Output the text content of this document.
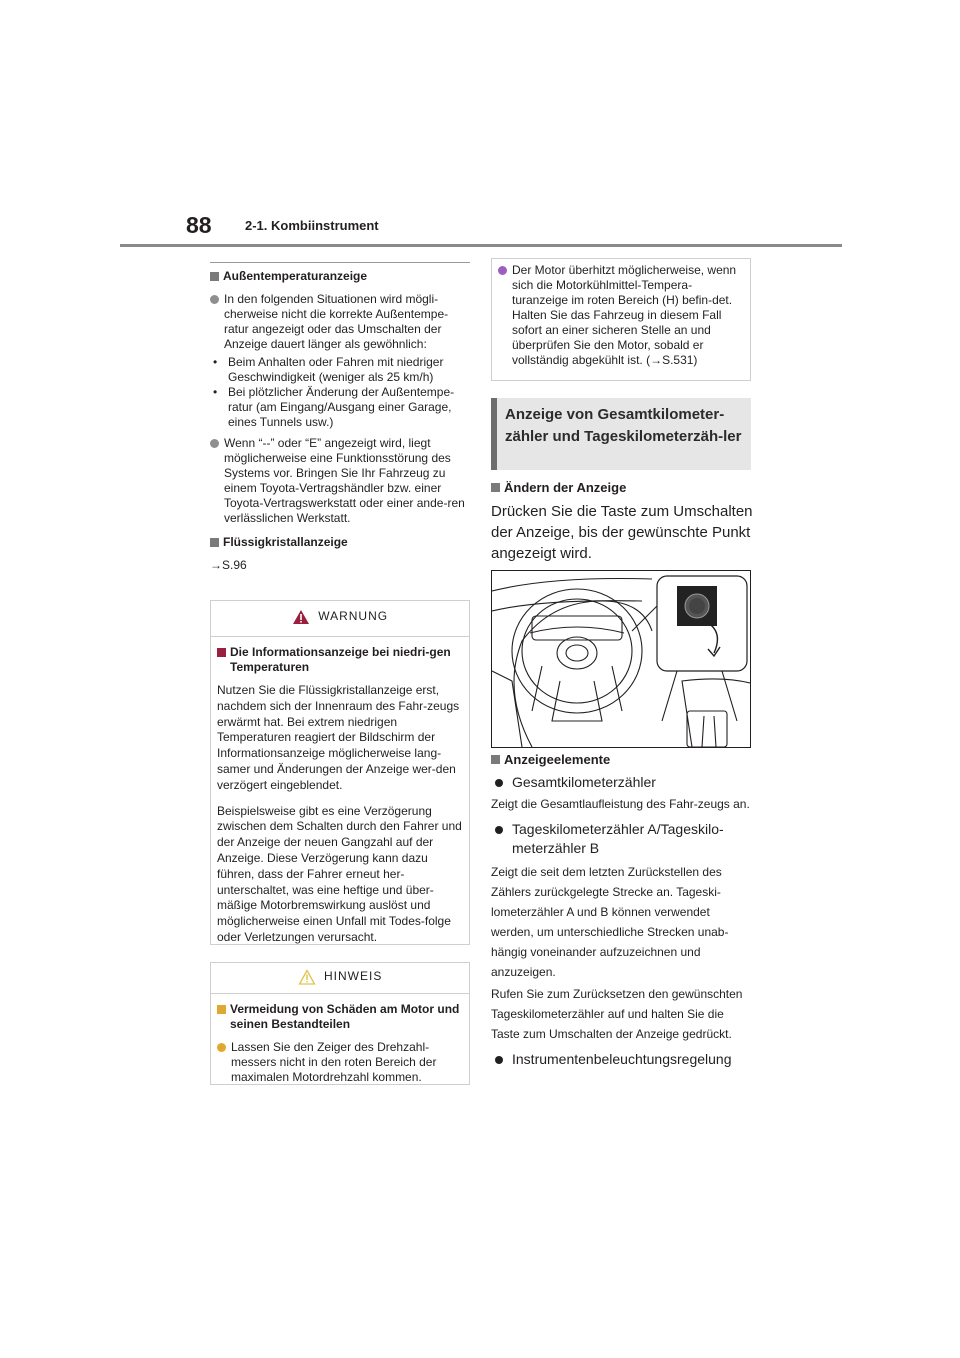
88	2-1. Kombiinstrument
Außentemperaturanzeige
In den folgenden Situationen wird mögli-cherweise nicht die korrekte Außentempe-ratur angezeigt oder das Umschalten der Anzeige dauert länger als gewöhnlich:
• Beim Anhalten oder Fahren mit niedriger Geschwindigkeit (weniger als 25 km/h)
• Bei plötzlicher Änderung der Außentempe-ratur (am Eingang/Ausgang einer Garage, eines Tunnels usw.)
Wenn “--” oder “E” angezeigt wird, liegt möglicherweise eine Funktionsstörung des Systems vor. Bringen Sie Ihr Fahrzeug zu einem Toyota-Vertragshändler bzw. einer Toyota-Vertragswerkstatt oder einer ande-ren verlässlichen Werkstatt.
Flüssigkristallanzeige
→S.96
WARNUNG
Die Informationsanzeige bei niedri-gen Temperaturen
Nutzen Sie die Flüssigkristallanzeige erst, nachdem sich der Innenraum des Fahr-zeugs erwärmt hat. Bei extrem niedrigen Temperaturen reagiert der Bildschirm der Informationsanzeige möglicherweise lang-samer und Änderungen der Anzeige wer-den verzögert eingeblendet.
Beispielsweise gibt es eine Verzögerung zwischen dem Schalten durch den Fahrer und der Anzeige der neuen Gangzahl auf der Anzeige. Diese Verzögerung kann dazu führen, dass der Fahrer erneut her-unterschaltet, was eine heftige und über-mäßige Motorbremswirkung auslöst und möglicherweise einen Unfall mit Todes-folge oder Verletzungen verursacht.
HINWEIS
Vermeidung von Schäden am Motor und seinen Bestandteilen
Lassen Sie den Zeiger des Drehzahl-messers nicht in den roten Bereich der maximalen Motordrehzahl kommen.
Der Motor überhitzt möglicherweise, wenn sich die Motorkühlmittel-Tempera-turanzeige im roten Bereich (H) befin-det. Halten Sie das Fahrzeug in diesem Fall sofort an einer sicheren Stelle an und überprüfen Sie den Motor, sobald er vollständig abgekühlt ist. (→S.531)
Anzeige von Gesamtkilometer-zähler und Tageskilometerzäh-ler
Ändern der Anzeige
Drücken Sie die Taste zum Umschalten der Anzeige, bis der gewünschte Punkt angezeigt wird.
Anzeigeelemente
Gesamtkilometerzähler
Zeigt die Gesamtlaufleistung des Fahr-zeugs an.
Tageskilometerzähler A/Tageskilo-meterzähler B
Zeigt die seit dem letzten Zurückstellen des Zählers zurückgelegte Strecke an. Tageski-lometerzähler A und B können verwendet werden, um unterschiedliche Strecken unab-hängig voneinander aufzuzeichnen und anzuzeigen.
Rufen Sie zum Zurücksetzen den gewünschten Tageskilometerzähler auf und halten Sie die Taste zum Umschalten der Anzeige gedrückt.
Instrumentenbeleuchtungsregelung
